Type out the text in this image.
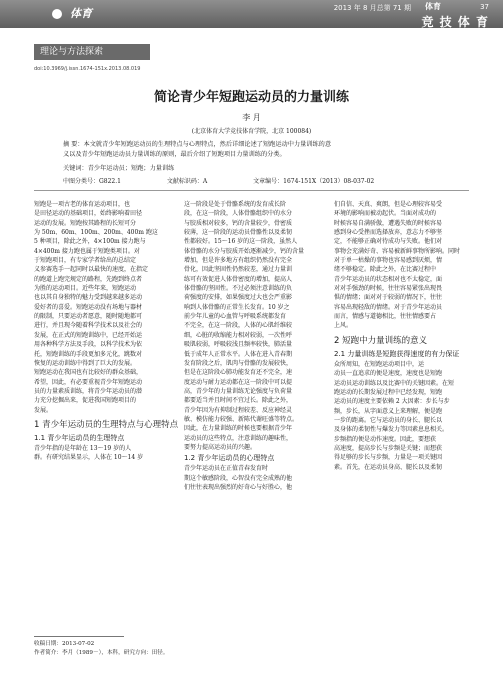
体育	2013 年 8 月总第 71 期 体育	37
竞 技 体 育
理论与方法探索
doi:10.3969/j.issn.1674-151x.2013.08.019
简论青少年短跑运动员的力量训练
李 月
(北京体育大学竞技体育学院，北京 100084)
摘 要：本文就青少年短跑运动员的生理特点与心理特点，然后详细论述了短跑运动中力量训练的意
义以及青少年短跑运动员力量训练的原则，最后介绍了短跑项目力量训练的分类。
关键词：青少年运动员；短跑；力量训练
中图分类号：G822.1	文献标识码：A	文章编号：1674-151X（2013）08-037-02

短跑是一项古老的体育运动项目，也

是田径运动的基础项目，始终影响着田径

运动的发展。短跑按其路程的长短可分

为 50m、60m、100m、200m、400m 跑这

5 种项目，除此之外，4×100m 接力跑与

4×400m 接力跑也属于短跑类项目。对

于短跑项目，有专家学者给出的总结定

义参赛选手一起同时以最快的速度，在指定

的跑道上跑完规定的路程，先跑到终点者

为胜的运动项目。近些年来，短跑运动

也以其自身独特的魅力受到越来越多运动

爱好者的喜爱。短跑运动没有场地与器材

的限制，只要运动者愿意，随时随地都可

进行，并且现今随着科学技术以及社会的

发展，在正式的短跑训练中，已经开始运

用各种科学方法及手段，以科学技术为依

托，短跑训练的手段更加多元化，跳数对

恢复的运动训练中得到了巨大的发展。

短跑运动在我国也有比较好的群众基础，

希望，因此，有必要重视青少年短跑运动

员的力量素质训练，将青少年运动员的潜

力充分挖掘出来，促进我国短跑项目的

发展。

1 青少年运动员的生理特点与心理特点
1.1 青少年运动员的生理特点

青少年指的是年龄在 13～19 岁的人

群。有研究结果显示，人体在 10～14 岁

这一阶段是处于骨骼系统的发育成长阶

段，在这一阶段，人体骨骼组织中的水分

与胶质相对较多，钙的含量较少，骨密质

较薄，这一阶段的运动员骨骼性以及柔韧

性都较好。15～16 岁的这一阶段，虽然人

体骨骼的水分与胶质开始逐渐减少，钙的含量

增加，但是许多地方有组织仍然没有完全

骨化，因此坚固性仍然较差，通过力量训

练可有效促进人体骨密度的增加，提高人

体骨骼的坚固性。不过必须注意训练的负

荷强度的安排，如果强度过大也会严重影

响到人体骨骼的正常生长发育。10 岁之

前少年儿童的心血管与呼吸系统都发育

不完全，在这一阶段，人体的心肌纤维较

细，心脏的收缩能力相对较弱，一次性呼

吸肌较弱，呼吸较浅且频率较快，肺活量

低于成年人正常水平。人体在进入青春期

发育阶段之后，肌肉与骨骼的发展较快，

但是在这阶段心肺功能发育还不完全，速

度运动与耐力运动都在这一阶段中可以提

高，青少年的力量训练无论强度与负荷量

都要适当并且时间不宜过长。除此之外，

青少年因为有抑制过程较差、反应神经灵

敏、模仿能力较强、新陈代谢旺盛等特点。

因此，在力量训练的时候也要根据青少年

运动员的这些特点，注意训练的趣味性，

要努力提高运动员的兴趣。

1.2 青少年运动员的心理特点

青少年运动员在正值青春发育时

期这个敏感阶段，心智没有完全成熟的他

们往往表现出强烈的好奇心与好胜心，他

们自信、天真、爽朗，但是心理较容易受

环境的影响而被动起伏。当面对成功的

时候容易自满骄傲，遭遇失败的时候容易

感到身心受挫而选择放弃，意志力不够坚

定，不能够正确对待成功与失败。他们对

事物会充满好奇、容易被新鲜事物所影响。同时

对于单一枯燥的事物也容易感到厌烦，情

绪不够稳定。除此之外，在比赛过程中

青少年运动员的状态相对也不太稳定，面

对对手强劲的时候，往往容易紧张出现畏

惧的情绪；面对对于较弱的情况下，往往

容易出现轻敌的情绪。对于青少年运动员

而言，情感与道德相比，往往情感要占

上风。

2 短跑中力量训练的意义
2.1 力量训练是短跑获得速度的有力保证

众所周知，在短跑运动项目中，运

动员一直追求的便是速度，速度也是短跑

运动员运动训练以及比赛中的关键因素。在短

跑运动的长期发展过程中已经发现，短跑

运动员的速度主要依赖 2 大因素：步长与步

频，步长，从字面意义上来理解，便是跑

一步的距离。它与运动员的身长、腿长以

及身体的柔韧性与爆发力等因素息息相关。

步频指的便是动作速度。因此，要想获

高速度，提高步长与步频是关键；而想获

得足够的步长与步频，力量是一项关键因

素。首先，在运动员身高、腿长以及柔韧

收稿日期：2013-07-02
作者简介：李月（1989－），本科，研究方向：田径。
